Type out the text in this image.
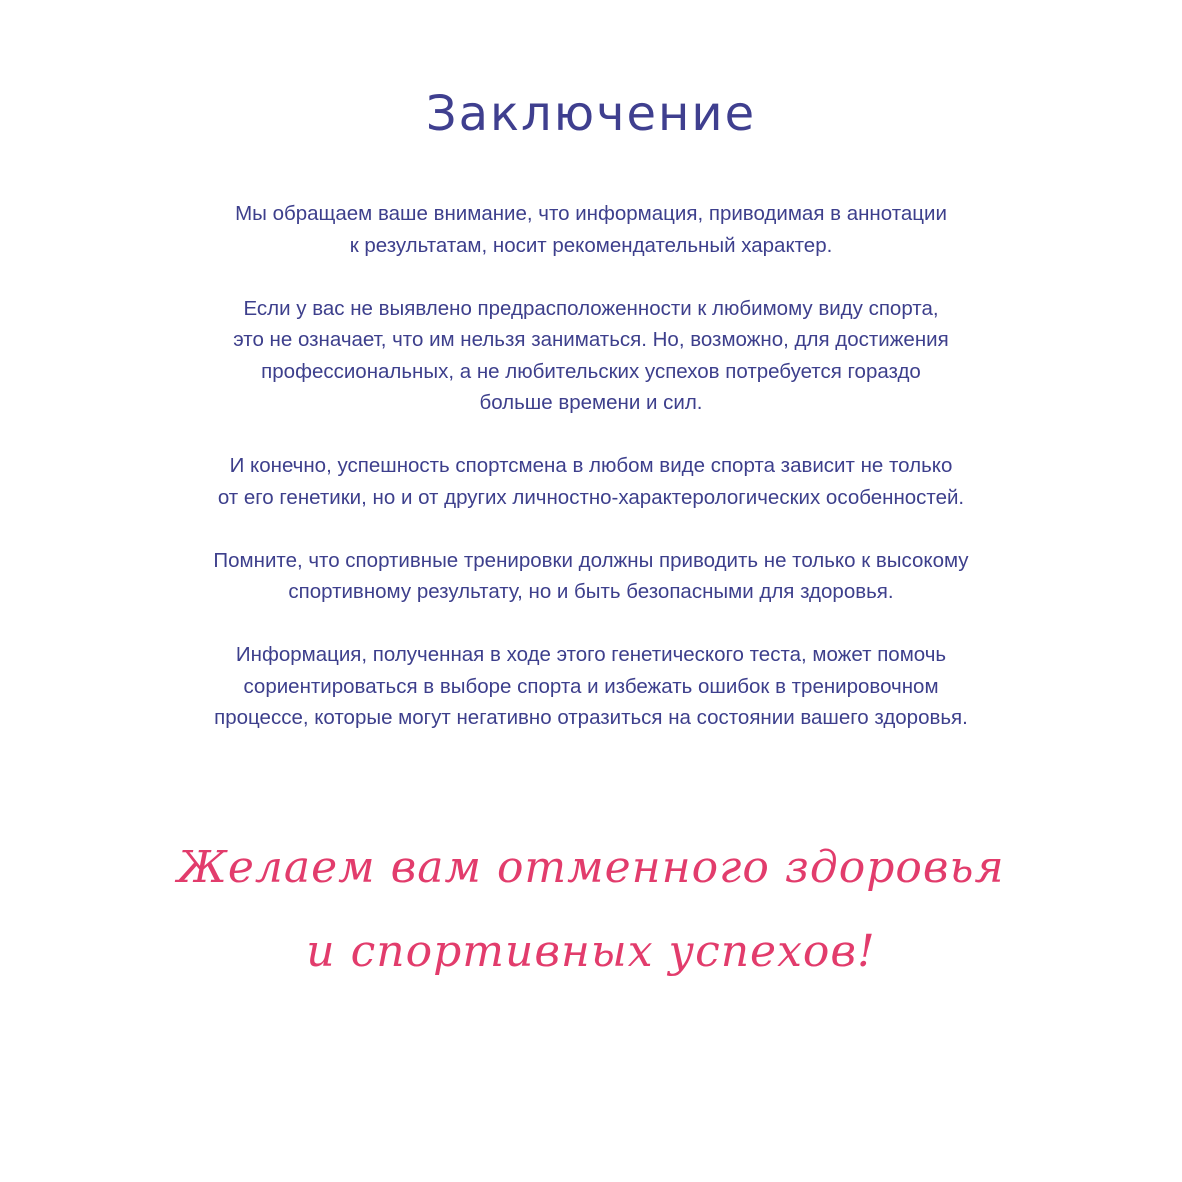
Заключение

Мы обращаем ваше внимание, что информация, приводимая в аннотации
к результатам, носит рекомендательный характер.

Если у вас не выявлено предрасположенности к любимому виду спорта,
это не означает, что им нельзя заниматься. Но, возможно, для достижения
профессиональных, а не любительских успехов потребуется гораздо
больше времени и сил.

И конечно, успешность спортсмена в любом виде спорта зависит не только
от его генетики, но и от других личностно-характерологических особенностей.

Помните, что спортивные тренировки должны приводить не только к высокому
спортивному результату, но и быть безопасными для здоровья.

Информация, полученная в ходе этого генетического теста, может помочь
сориентироваться в выборе спорта и избежать ошибок в тренировочном
процессе, которые могут негативно отразиться на состоянии вашего здоровья.

Желаем вам отменного здоровья
и спортивных успехов!
